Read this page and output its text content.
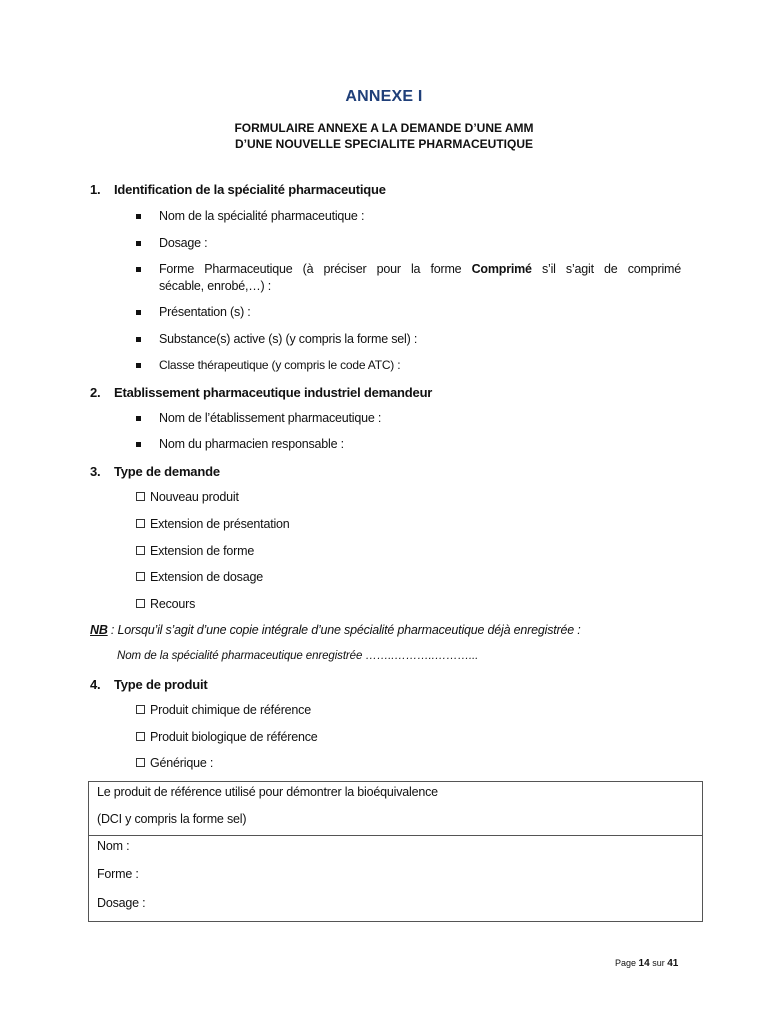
ANNEXE I
FORMULAIRE ANNEXE A LA DEMANDE D’UNE AMM
D’UNE NOUVELLE SPECIALITE PHARMACEUTIQUE
1. Identification de la spécialité pharmaceutique
Nom de la spécialité pharmaceutique :
Dosage :
Forme Pharmaceutique (à préciser pour la forme Comprimé s’il s’agit de comprimé
sécable, enrobé,…) :
Présentation (s) :
Substance(s) active (s) (y compris la forme sel) :
Classe thérapeutique (y compris le code ATC) :
2. Etablissement pharmaceutique industriel demandeur
Nom de l’établissement pharmaceutique :
Nom du pharmacien responsable :
3. Type de demande
Nouveau produit
Extension de présentation
Extension de forme
Extension de dosage
Recours
NB : Lorsqu’il s’agit d’une copie intégrale d’une spécialité pharmaceutique déjà enregistrée :
Nom de la spécialité pharmaceutique enregistrée ……..………..………...
4. Type de produit
Produit chimique de référence
Produit biologique de référence
Générique :
Le produit de référence utilisé pour démontrer la bioéquivalence
(DCI y compris la forme sel)
Nom :
Forme :
Dosage :
Page 14 sur 41
